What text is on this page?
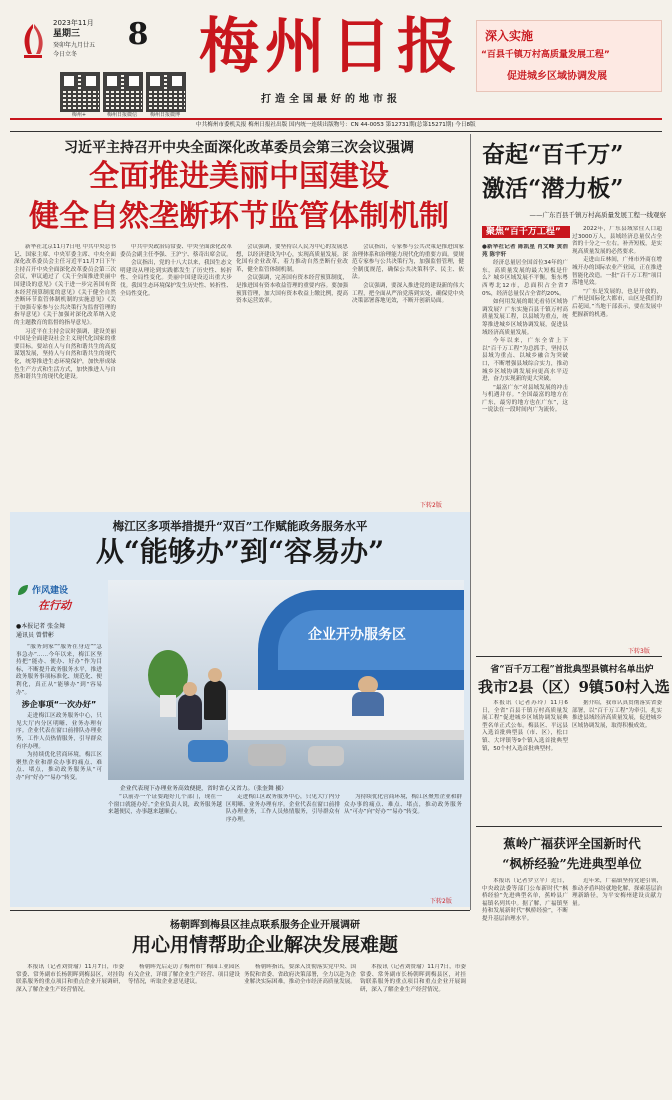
2023年11月
星期三
癸卯年九月廿五
今日立冬
8
梅州+	梅州日报微信	梅州日报微博
梅州日报
打造全国最好的地市报
深入实施
“百县千镇万村高质量发展工程”
促进城乡区域协调发展
中共梅州市委机关报 梅州日报社出版 国内统一连续出版物号：CN 44-0053 第12731期(总第15271期) 今日8版
习近平主持召开中央全面深化改革委员会第三次会议强调
全面推进美丽中国建设
健全自然垄断环节监管体制机制

新华社北京11月7日电 中共中央总书记、国家主席、中央军委主席、中央全面深化改革委员会主任习近平11月7日下午主持召开中央全面深化改革委员会第三次会议，审议通过了《关于全面推进美丽中国建设的意见》《关于进一步完善国有资本经营预算制度的意见》《关于健全自然垄断环节监管体制机制的实施意见》《关于加强专家参与公共决策行为监督管理的指导意见》《关于加强对深化改革纳入党的主题教育的监督的指导意见》。

习近平在主持会议时强调，建设美丽中国是全面建设社会主义现代化国家的重要目标。要站在人与自然和谐共生的高度谋划发展，坚持人与自然和谐共生的现代化，统筹推进生态环境保护，加快形成绿色生产方式和生活方式，加快推进人与自然和谐共生的现代化建设。

中共中央政治局常委、中央全面深化改革委员会副主任李强、王沪宁、蔡奇出席会议。

会议指出，党的十八大以来，我国生态文明建设从理论到实践都发生了历史性、转折性、全局性变化。美丽中国建设迈出重大步伐。我国生态环境保护发生历史性、转折性、全局性变化。

会议强调，要坚持以人民为中心的发展思想，以经济建设为中心，实现高质量发展。深化国有企业改革，着力推动自然垄断行业改革，健全监管体制机制。

会议强调，完善国有资本经营预算制度，是推进国有资本收益管理的重要内容。要加强预算管理，加大国有资本收益上缴比例，提高资本运营效率。

会议指出，专家参与公共决策是推进国家治理体系和治理能力现代化的重要方面。要规范专家参与公共决策行为，加强监督管理，健全制度规范，确保公共决策科学、民主、依法。

会议强调，要深入推进党的建设新的伟大工程，把全面从严治党落到实处，确保党中央决策部署落地见效，不断开创新局面。

下转2版
奋起“百千万”
激活“潜力板”
——广东百县千镇万村高质量发展工程一线观察
聚焦“百千万工程”

●新华社记者 陈凯星 肖文峰 黄浩苑 陈宇轩

经济总量居全国首位34年的广东，高质量发展的最大短板是什么？城乡区域发展不平衡。集东粤西粤北12市，总面积占全省70%，经济总量仅占全省约20%。

如何用发展的眼光看待区域协调发展？广东实施百县千镇万村高质量发展工程，以县域为重点，统筹推进城乡区域协调发展，促进县域经济高质量发展。

今年以来，广东全省上下以“百千万工程”为总抓手，坚持以县域为重点、以城乡融合为突破口，不断增强县域综合实力，推动城乡区域协调发展向更高水平迈进，奋力实现新的更大突破。

“最富广东”对县域发展的冲击与机遇并存。“全国最富的地方在广东，最穷的地方也在广东”，这一说法在一段时间内广为流传。

2022年，广东县域常住人口超过3000万人，县域经济总量仅占全省的十分之一左右。补齐短板，是实现高质量发展的必然要求。

走进山丘林间，广州市外商在增城开办的国际农业产业园，正在推进智能化改造。一批“百千万工程”项目落地见效。

“广东是发展的，也是开放的，广州是国际化大都市，山区是我们的后花园。”当地干部表示，要在发展中把握新的机遇。

下转3版
省“百千万工程”首批典型县镇村名单出炉
我市2县（区）9镇50村入选

本报讯（记者苏玲）11月6日，全省“百县千镇万村高质量发展工程”促进城乡区域协调发展典型名单正式公布。梅县区、平远县入选首批典型县（市、区），松口镇、大坪镇等9个镇入选首批典型镇，50个村入选首批典型村。

据介绍，我市认真贯彻落实省委部署，以“百千万工程”为牵引，扎实推进县域经济高质量发展，促进城乡区域协调发展，取得积极成效。

蕉岭广福获评全国新时代
“枫桥经验”先进典型单位

本报讯（记者罗立平）近日，中央政法委等部门公布新时代“枫桥经验”先进典型名单，蕉岭县广福镇名列其中。据了解，广福镇坚持和发展新时代“枫桥经验”，不断提升基层治理水平。

近年来，广福镇坚持党建引领，推动矛盾纠纷就地化解，探索基层治理新路径，为平安梅州建设贡献力量。

梅江区多项举措提升“双百”工作赋能政务服务水平
从“能够办”到“容易办”
作风建设
在行动
●本报记者 张金舞
通讯员 曾惜彬

“服务到家”“服务在身边”“急事急办”……今年以来，梅江区坚持把“能办、便办、好办”作为目标，不断提升政务服务水平，推进政务服务事项标准化、规范化、便利化，真正从“能够办”到“容易办”。

涉企事项“一次办好”

走进梅江区政务服务中心，只见大厅内分区明晰、业务办理有序。企业代表在窗口前排队办理业务，工作人员热情服务，引导群众有序办理。

为持续优化营商环境，梅江区聚焦企业和群众办事的痛点、难点、堵点，推动政务服务从“可办”向“好办”“易办”转变。

企业开办服务区
企业代表现下办理业务高效便捷，省时省心又省力。（张奎舞 摄）

“以前办一个证要跑好几个部门，现在一个窗口就能办好。”企业负责人说，政务服务越来越便民，办事越来越顺心。

走进梅江区政务服务中心，只见大厅内分区明晰、业务办理有序。企业代表在窗口前排队办理业务，工作人员热情服务，引导群众有序办理。

为持续优化营商环境，梅江区聚焦企业和群众办事的痛点、难点、堵点，推动政务服务从“可办”向“好办”“易办”转变。

下转2版
杨朝晖到梅县区挂点联系服务企业开展调研
用心用情帮助企业解决发展难题

本报讯（记者刘赞瑜）11月7日，市委常委、常务副市长杨朝晖到梅县区，对挂钩联系服务的重点项目和重点企业开展调研，深入了解企业生产经营情况。

杨朝晖先后走访了梅州市广梅园工业园区有关企业，详细了解企业生产经营、项目建设等情况，听取企业意见建议。

杨朝晖指出，要深入贯彻落实党中央、国务院和省委、省政府决策部署，全力以赴为企业解决实际困难，推动全市经济高质量发展。

本报讯（记者刘赞瑜）11月7日，市委常委、常务副市长杨朝晖到梅县区，对挂钩联系服务的重点项目和重点企业开展调研，深入了解企业生产经营情况。
